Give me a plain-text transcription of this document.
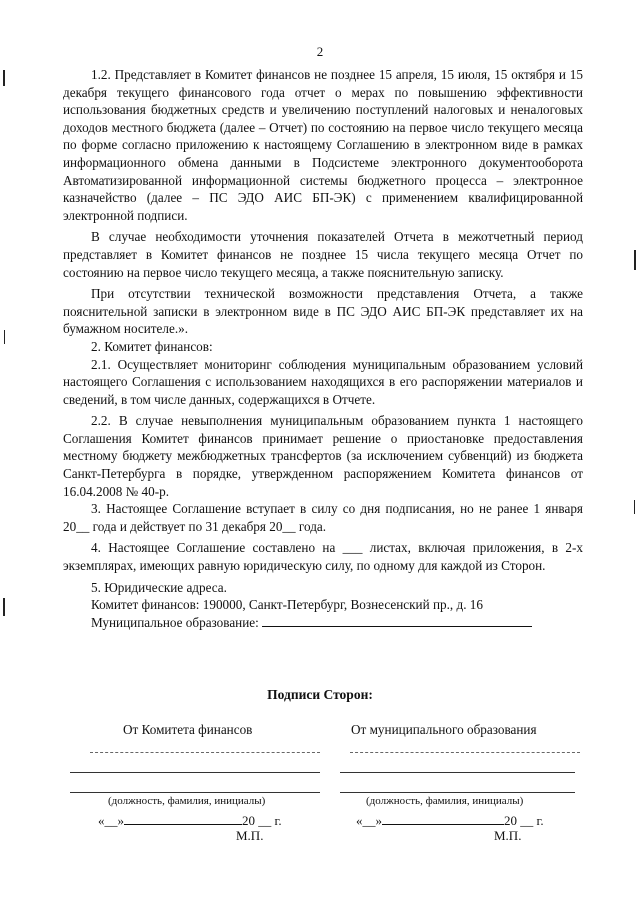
2

1.2. Представляет в Комитет финансов не позднее 15 апреля, 15 июля, 15 октября и 15 декабря текущего финансового года отчет о мерах по повышению эффективности использования бюджетных средств и увеличению поступлений налоговых и неналоговых доходов местного бюджета (далее – Отчет) по состоянию на первое число текущего месяца по форме согласно приложению к настоящему Соглашению в электронном виде в рамках информационного обмена данными в Подсистеме электронного документооборота Автоматизированной информационной системы бюджетного процесса – электронное казначейство (далее – ПС ЭДО АИС БП-ЭК) с применением квалифицированной электронной подписи.

В случае необходимости уточнения показателей Отчета в межотчетный период представляет в Комитет финансов не позднее 15 числа текущего месяца Отчет по состоянию на первое число текущего месяца, а также пояснительную записку.

При отсутствии технической возможности представления Отчета, а также пояснительной записки в электронном виде в ПС ЭДО АИС БП-ЭК представляет их на бумажном носителе.».

2. Комитет финансов:

2.1. Осуществляет мониторинг соблюдения муниципальным образованием условий настоящего Соглашения с использованием находящихся в его распоряжении материалов и сведений, в том числе данных, содержащихся в Отчете.

2.2. В случае невыполнения муниципальным образованием пункта 1 настоящего Соглашения Комитет финансов принимает решение о приостановке предоставления местному бюджету межбюджетных трансфертов (за исключением субвенций) из бюджета Санкт-Петербурга в порядке, утвержденном распоряжением Комитета финансов от 16.04.2008 № 40-р.

3. Настоящее Соглашение вступает в силу со дня подписания, но не ранее 1 января 20__ года и действует по 31 декабря 20__ года.

4. Настоящее Соглашение составлено на ___ листах, включая приложения, в 2-х экземплярах, имеющих равную юридическую силу, по одному для каждой из Сторон.

5. Юридические адреса.

Комитет финансов: 190000, Санкт-Петербург, Вознесенский пр., д. 16

Муниципальное образование:

Подписи Сторон:
От Комитета финансов	От муниципального образования
(должность, фамилия, инициалы)	(должность, фамилия, инициалы)
«__»	20 __ г.	«__»	20 __ г.
М.П.	М.П.
